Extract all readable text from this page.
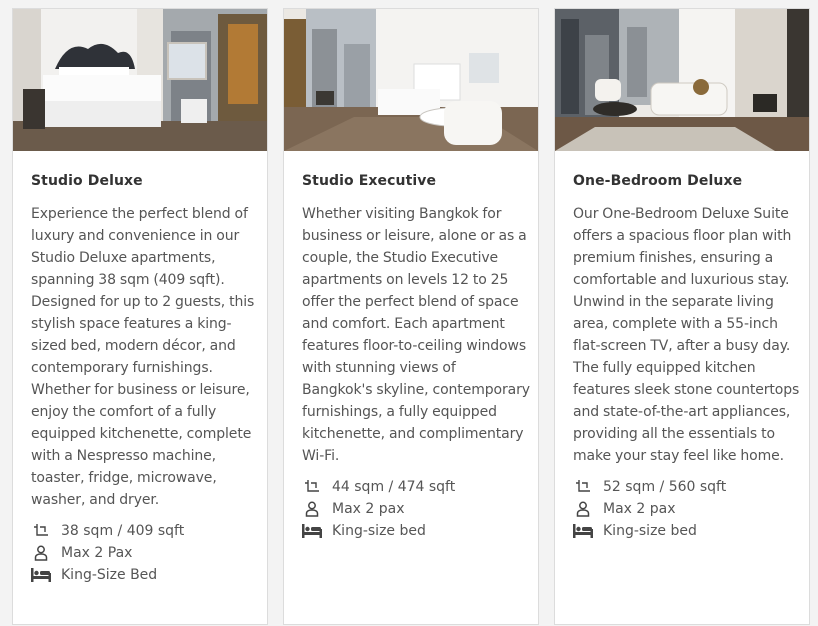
Studio Deluxe
Experience the perfect blend of luxury and convenience in our Studio Deluxe apartments, spanning 38 sqm (409 sqft). Designed for up to 2 guests, this stylish space features a king-sized bed, modern décor, and contemporary furnishings. Whether for business or leisure, enjoy the comfort of a fully equipped kitchenette, complete with a Nespresso machine, toaster, fridge, microwave, washer, and dryer.
38 sqm / 409 sqft
Max 2 Pax
King-Size Bed
Studio Executive
Whether visiting Bangkok for business or leisure, alone or as a couple, the Studio Executive apartments on levels 12 to 25 offer the perfect blend of space and comfort. Each apartment features floor-to-ceiling windows with stunning views of Bangkok's skyline, contemporary furnishings, a fully equipped kitchenette, and complimentary Wi-Fi.
44 sqm / 474 sqft
Max 2 pax
King-size bed
One-Bedroom Deluxe
Our One-Bedroom Deluxe Suite offers a spacious floor plan with premium finishes, ensuring a comfortable and luxurious stay. Unwind in the separate living area, complete with a 55-inch flat-screen TV, after a busy day. The fully equipped kitchen features sleek stone countertops and state-of-the-art appliances, providing all the essentials to make your stay feel like home.
52 sqm / 560 sqft
Max 2 pax
King-size bed
